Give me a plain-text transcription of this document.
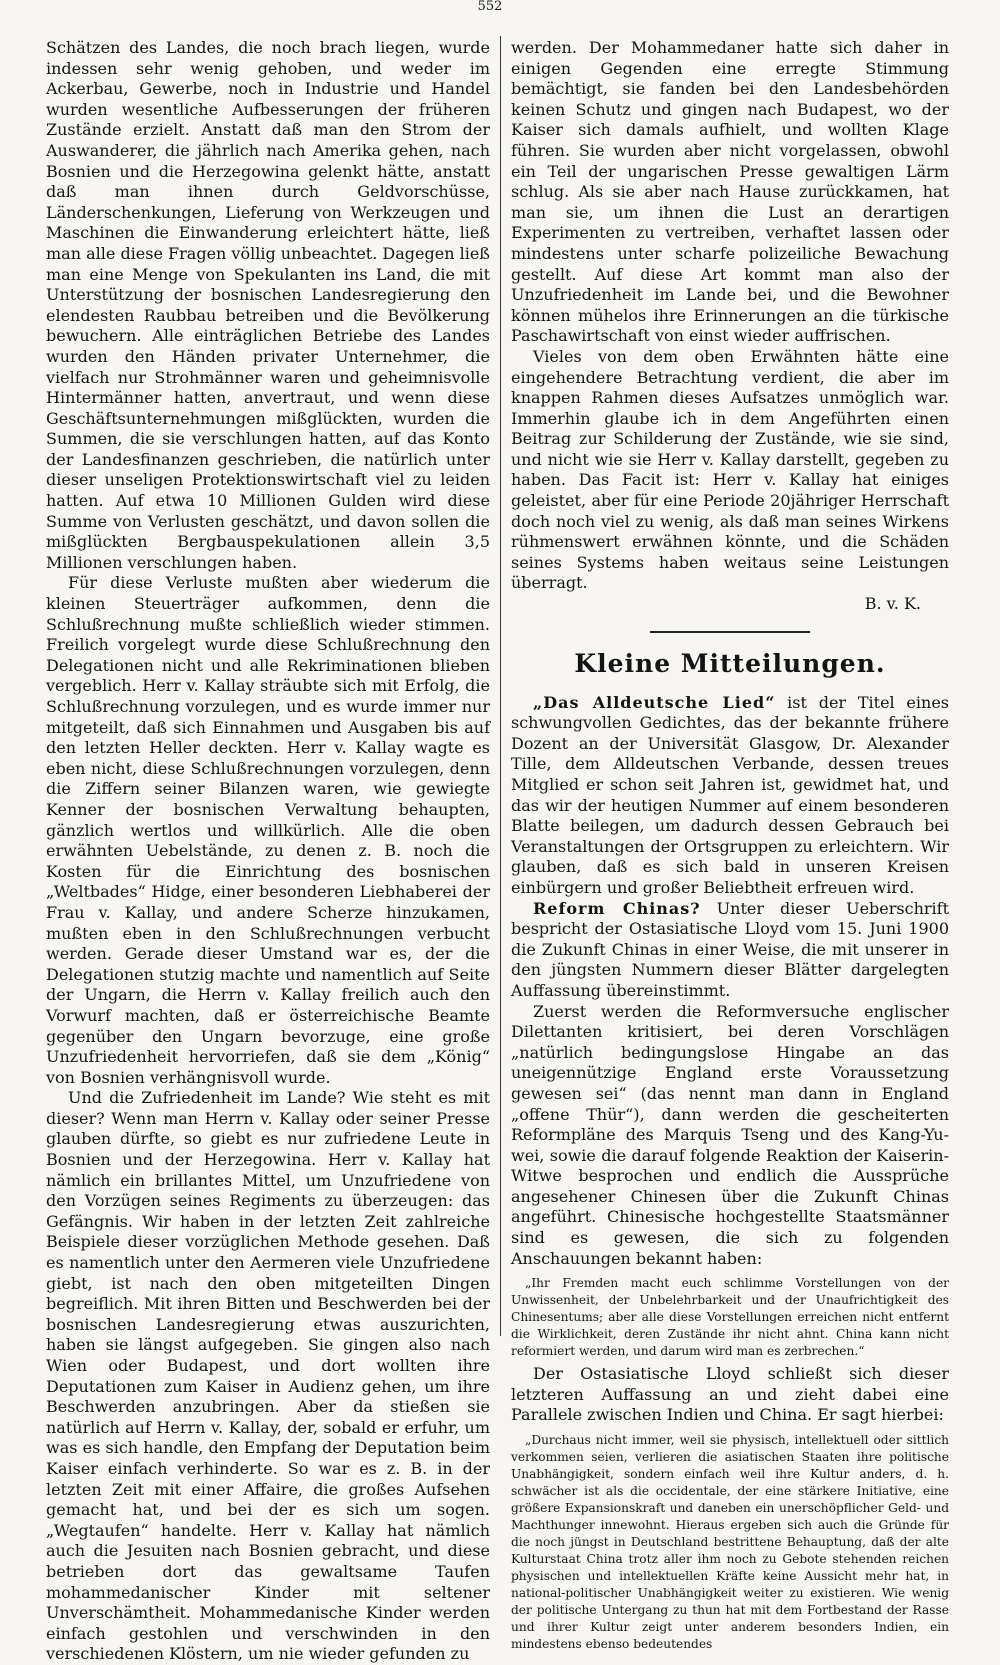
552

Schätzen des Landes, die noch brach liegen, wurde indessen sehr wenig gehoben, und weder im Ackerbau, Gewerbe, noch in Industrie und Handel wurden wesentliche Aufbesserungen der früheren Zustände erzielt. Anstatt daß man den Strom der Auswanderer, die jährlich nach Amerika gehen, nach Bosnien und die Herzegowina gelenkt hätte, anstatt daß man ihnen durch Geldvorschüsse, Länderschenkungen, Lieferung von Werkzeugen und Maschinen die Einwanderung erleichtert hätte, ließ man alle diese Fragen völlig unbeachtet. Dagegen ließ man eine Menge von Spekulanten ins Land, die mit Unterstützung der bosnischen Landesregierung den elendesten Raubbau betreiben und die Bevölkerung bewuchern. Alle einträglichen Betriebe des Landes wurden den Händen privater Unternehmer, die vielfach nur Strohmänner waren und geheimnisvolle Hintermänner hatten, anvertraut, und wenn diese Geschäftsunternehmungen mißglückten, wurden die Summen, die sie verschlungen hatten, auf das Konto der Landesfinanzen geschrieben, die natürlich unter dieser unseligen Protektionswirtschaft viel zu leiden hatten. Auf etwa 10 Millionen Gulden wird diese Summe von Verlusten geschätzt, und davon sollen die mißglückten Bergbauspekulationen allein 3,5 Millionen verschlungen haben.

Für diese Verluste mußten aber wiederum die kleinen Steuerträger aufkommen, denn die Schlußrechnung mußte schließlich wieder stimmen. Freilich vorgelegt wurde diese Schlußrechnung den Delegationen nicht und alle Rekriminationen blieben vergeblich. Herr v. Kallay sträubte sich mit Erfolg, die Schlußrechnung vorzulegen, und es wurde immer nur mitgeteilt, daß sich Einnahmen und Ausgaben bis auf den letzten Heller deckten. Herr v. Kallay wagte es eben nicht, diese Schlußrechnungen vorzulegen, denn die Ziffern seiner Bilanzen waren, wie gewiegte Kenner der bosnischen Verwaltung behaupten, gänzlich wertlos und willkürlich. Alle die oben erwähnten Uebelstände, zu denen z. B. noch die Kosten für die Einrichtung des bosnischen „Weltbades“ Hidge, einer besonderen Liebhaberei der Frau v. Kallay, und andere Scherze hinzukamen, mußten eben in den Schlußrechnungen verbucht werden. Gerade dieser Umstand war es, der die Delegationen stutzig machte und namentlich auf Seite der Ungarn, die Herrn v. Kallay freilich auch den Vorwurf machten, daß er österreichische Beamte gegenüber den Ungarn bevorzuge, eine große Unzufriedenheit hervorriefen, daß sie dem „König“ von Bosnien verhängnisvoll wurde.

Und die Zufriedenheit im Lande? Wie steht es mit dieser? Wenn man Herrn v. Kallay oder seiner Presse glauben dürfte, so giebt es nur zufriedene Leute in Bosnien und der Herzegowina. Herr v. Kallay hat nämlich ein brillantes Mittel, um Unzufriedene von den Vorzügen seines Regiments zu überzeugen: das Gefängnis. Wir haben in der letzten Zeit zahlreiche Beispiele dieser vorzüglichen Methode gesehen. Daß es namentlich unter den Aermeren viele Unzufriedene giebt, ist nach den oben mitgeteilten Dingen begreiflich. Mit ihren Bitten und Beschwerden bei der bosnischen Landesregierung etwas auszurichten, haben sie längst aufgegeben. Sie gingen also nach Wien oder Budapest, und dort wollten ihre Deputationen zum Kaiser in Audienz gehen, um ihre Beschwerden anzubringen. Aber da stießen sie natürlich auf Herrn v. Kallay, der, sobald er erfuhr, um was es sich handle, den Empfang der Deputation beim Kaiser einfach verhinderte. So war es z. B. in der letzten Zeit mit einer Affaire, die großes Aufsehen gemacht hat, und bei der es sich um sogen. „Wegtaufen“ handelte. Herr v. Kallay hat nämlich auch die Jesuiten nach Bosnien gebracht, und diese betrieben dort das gewaltsame Taufen mohammedanischer Kinder mit seltener Unverschämtheit. Mohammedanische Kinder werden einfach gestohlen und verschwinden in den verschiedenen Klöstern, um nie wieder gefunden zu

werden. Der Mohammedaner hatte sich daher in einigen Gegenden eine erregte Stimmung bemächtigt, sie fanden bei den Landesbehörden keinen Schutz und gingen nach Budapest, wo der Kaiser sich damals aufhielt, und wollten Klage führen. Sie wurden aber nicht vorgelassen, obwohl ein Teil der ungarischen Presse gewaltigen Lärm schlug. Als sie aber nach Hause zurückkamen, hat man sie, um ihnen die Lust an derartigen Experimenten zu vertreiben, verhaftet lassen oder mindestens unter scharfe polizeiliche Bewachung gestellt. Auf diese Art kommt man also der Unzufriedenheit im Lande bei, und die Bewohner können mühelos ihre Erinnerungen an die türkische Paschawirtschaft von einst wieder auffrischen.

Vieles von dem oben Erwähnten hätte eine eingehendere Betrachtung verdient, die aber im knappen Rahmen dieses Aufsatzes unmöglich war. Immerhin glaube ich in dem Angeführten einen Beitrag zur Schilderung der Zustände, wie sie sind, und nicht wie sie Herr v. Kallay darstellt, gegeben zu haben. Das Facit ist: Herr v. Kallay hat einiges geleistet, aber für eine Periode 20jähriger Herrschaft doch noch viel zu wenig, als daß man seines Wirkens rühmenswert erwähnen könnte, und die Schäden seines Systems haben weitaus seine Leistungen überragt.

B. v. K.

Kleine Mitteilungen.

„Das Alldeutsche Lied“ ist der Titel eines schwungvollen Gedichtes, das der bekannte frühere Dozent an der Universität Glasgow, Dr. Alexander Tille, dem Alldeutschen Verbande, dessen treues Mitglied er schon seit Jahren ist, gewidmet hat, und das wir der heutigen Nummer auf einem besonderen Blatte beilegen, um dadurch dessen Gebrauch bei Veranstaltungen der Ortsgruppen zu erleichtern. Wir glauben, daß es sich bald in unseren Kreisen einbürgern und großer Beliebtheit erfreuen wird.

Reform Chinas? Unter dieser Ueberschrift bespricht der Ostasiatische Lloyd vom 15. Juni 1900 die Zukunft Chinas in einer Weise, die mit unserer in den jüngsten Nummern dieser Blätter dargelegten Auffassung übereinstimmt.

Zuerst werden die Reformversuche englischer Dilettanten kritisiert, bei deren Vorschlägen „natürlich bedingungslose Hingabe an das uneigennützige England erste Voraussetzung gewesen sei“ (das nennt man dann in England „offene Thür“), dann werden die gescheiterten Reformpläne des Marquis Tseng und des Kang-Yu-wei, sowie die darauf folgende Reaktion der Kaiserin-Witwe besprochen und endlich die Aussprüche angesehener Chinesen über die Zukunft Chinas angeführt. Chinesische hochgestellte Staatsmänner sind es gewesen, die sich zu folgenden Anschauungen bekannt haben:

„Ihr Fremden macht euch schlimme Vorstellungen von der Unwissenheit, der Unbelehrbarkeit und der Unaufrichtigkeit des Chinesentums; aber alle diese Vorstellungen erreichen nicht entfernt die Wirklichkeit, deren Zustände ihr nicht ahnt. China kann nicht reformiert werden, und darum wird man es zerbrechen.“

Der Ostasiatische Lloyd schließt sich dieser letzteren Auffassung an und zieht dabei eine Parallele zwischen Indien und China. Er sagt hierbei:

„Durchaus nicht immer, weil sie physisch, intellektuell oder sittlich verkommen seien, verlieren die asiatischen Staaten ihre politische Unabhängigkeit, sondern einfach weil ihre Kultur anders, d. h. schwächer ist als die occidentale, der eine stärkere Initiative, eine größere Expansionskraft und daneben ein unerschöpflicher Geld- und Machthunger innewohnt. Hieraus ergeben sich auch die Gründe für die noch jüngst in Deutschland bestrittene Behauptung, daß der alte Kulturstaat China trotz aller ihm noch zu Gebote stehenden reichen physischen und intellektuellen Kräfte keine Aussicht mehr hat, in national-politischer Unabhängigkeit weiter zu existieren. Wie wenig der politische Untergang zu thun hat mit dem Fortbestand der Rasse und ihrer Kultur zeigt unter anderem besonders Indien, ein mindestens ebenso bedeutendes
